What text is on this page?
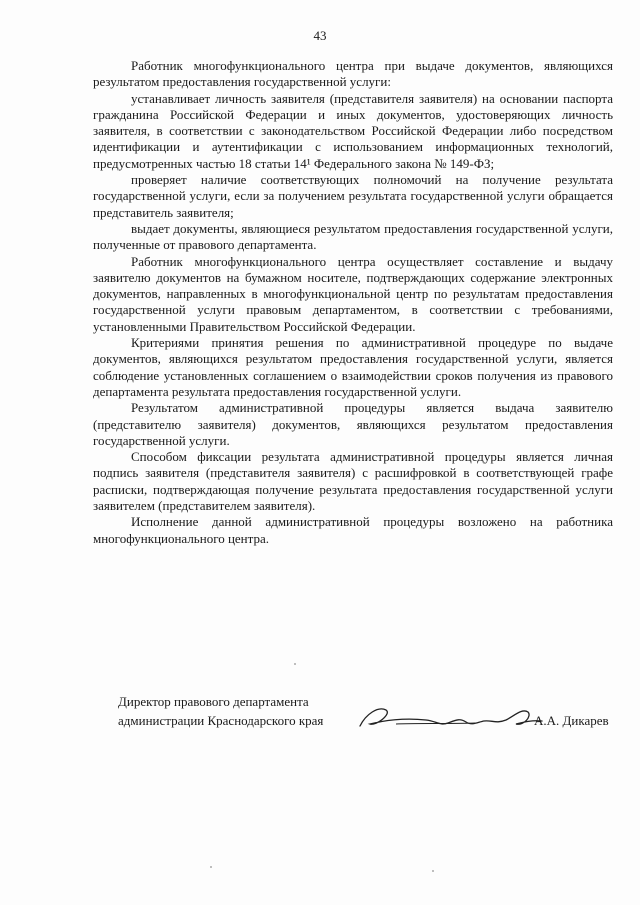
43

Работник многофункционального центра при выдаче документов, являющихся результатом предоставления государственной услуги:

устанавливает личность заявителя (представителя заявителя) на основании паспорта гражданина Российской Федерации и иных документов, удостоверяющих личность заявителя, в соответствии с законодательством Российской Федерации либо посредством идентификации и аутентификации с использованием информационных технологий, предусмотренных частью 18 статьи 14¹ Федерального закона № 149-ФЗ;

проверяет наличие соответствующих полномочий на получение результата государственной услуги, если за получением результата государственной услуги обращается представитель заявителя;

выдает документы, являющиеся результатом предоставления государственной услуги, полученные от правового департамента.

Работник многофункционального центра осуществляет составление и выдачу заявителю документов на бумажном носителе, подтверждающих содержание электронных документов, направленных в многофункциональной центр по результатам предоставления государственной услуги правовым департаментом, в соответствии с требованиями, установленными Правительством Российской Федерации.

Критериями принятия решения по административной процедуре по выдаче документов, являющихся результатом предоставления государственной услуги, является соблюдение установленных соглашением о взаимодействии сроков получения из правового департамента результата предоставления государственной услуги.

Результатом административной процедуры является выдача заявителю (представителю заявителя) документов, являющихся результатом предоставления государственной услуги.

Способом фиксации результата административной процедуры является личная подпись заявителя (представителя заявителя) с расшифровкой в соответствующей графе расписки, подтверждающая получение результата предоставления государственной услуги заявителем (представителем заявителя).

Исполнение данной административной процедуры возложено на работника многофункционального центра.

Директор правового департамента
администрации Краснодарского края	А.А. Дикарев
